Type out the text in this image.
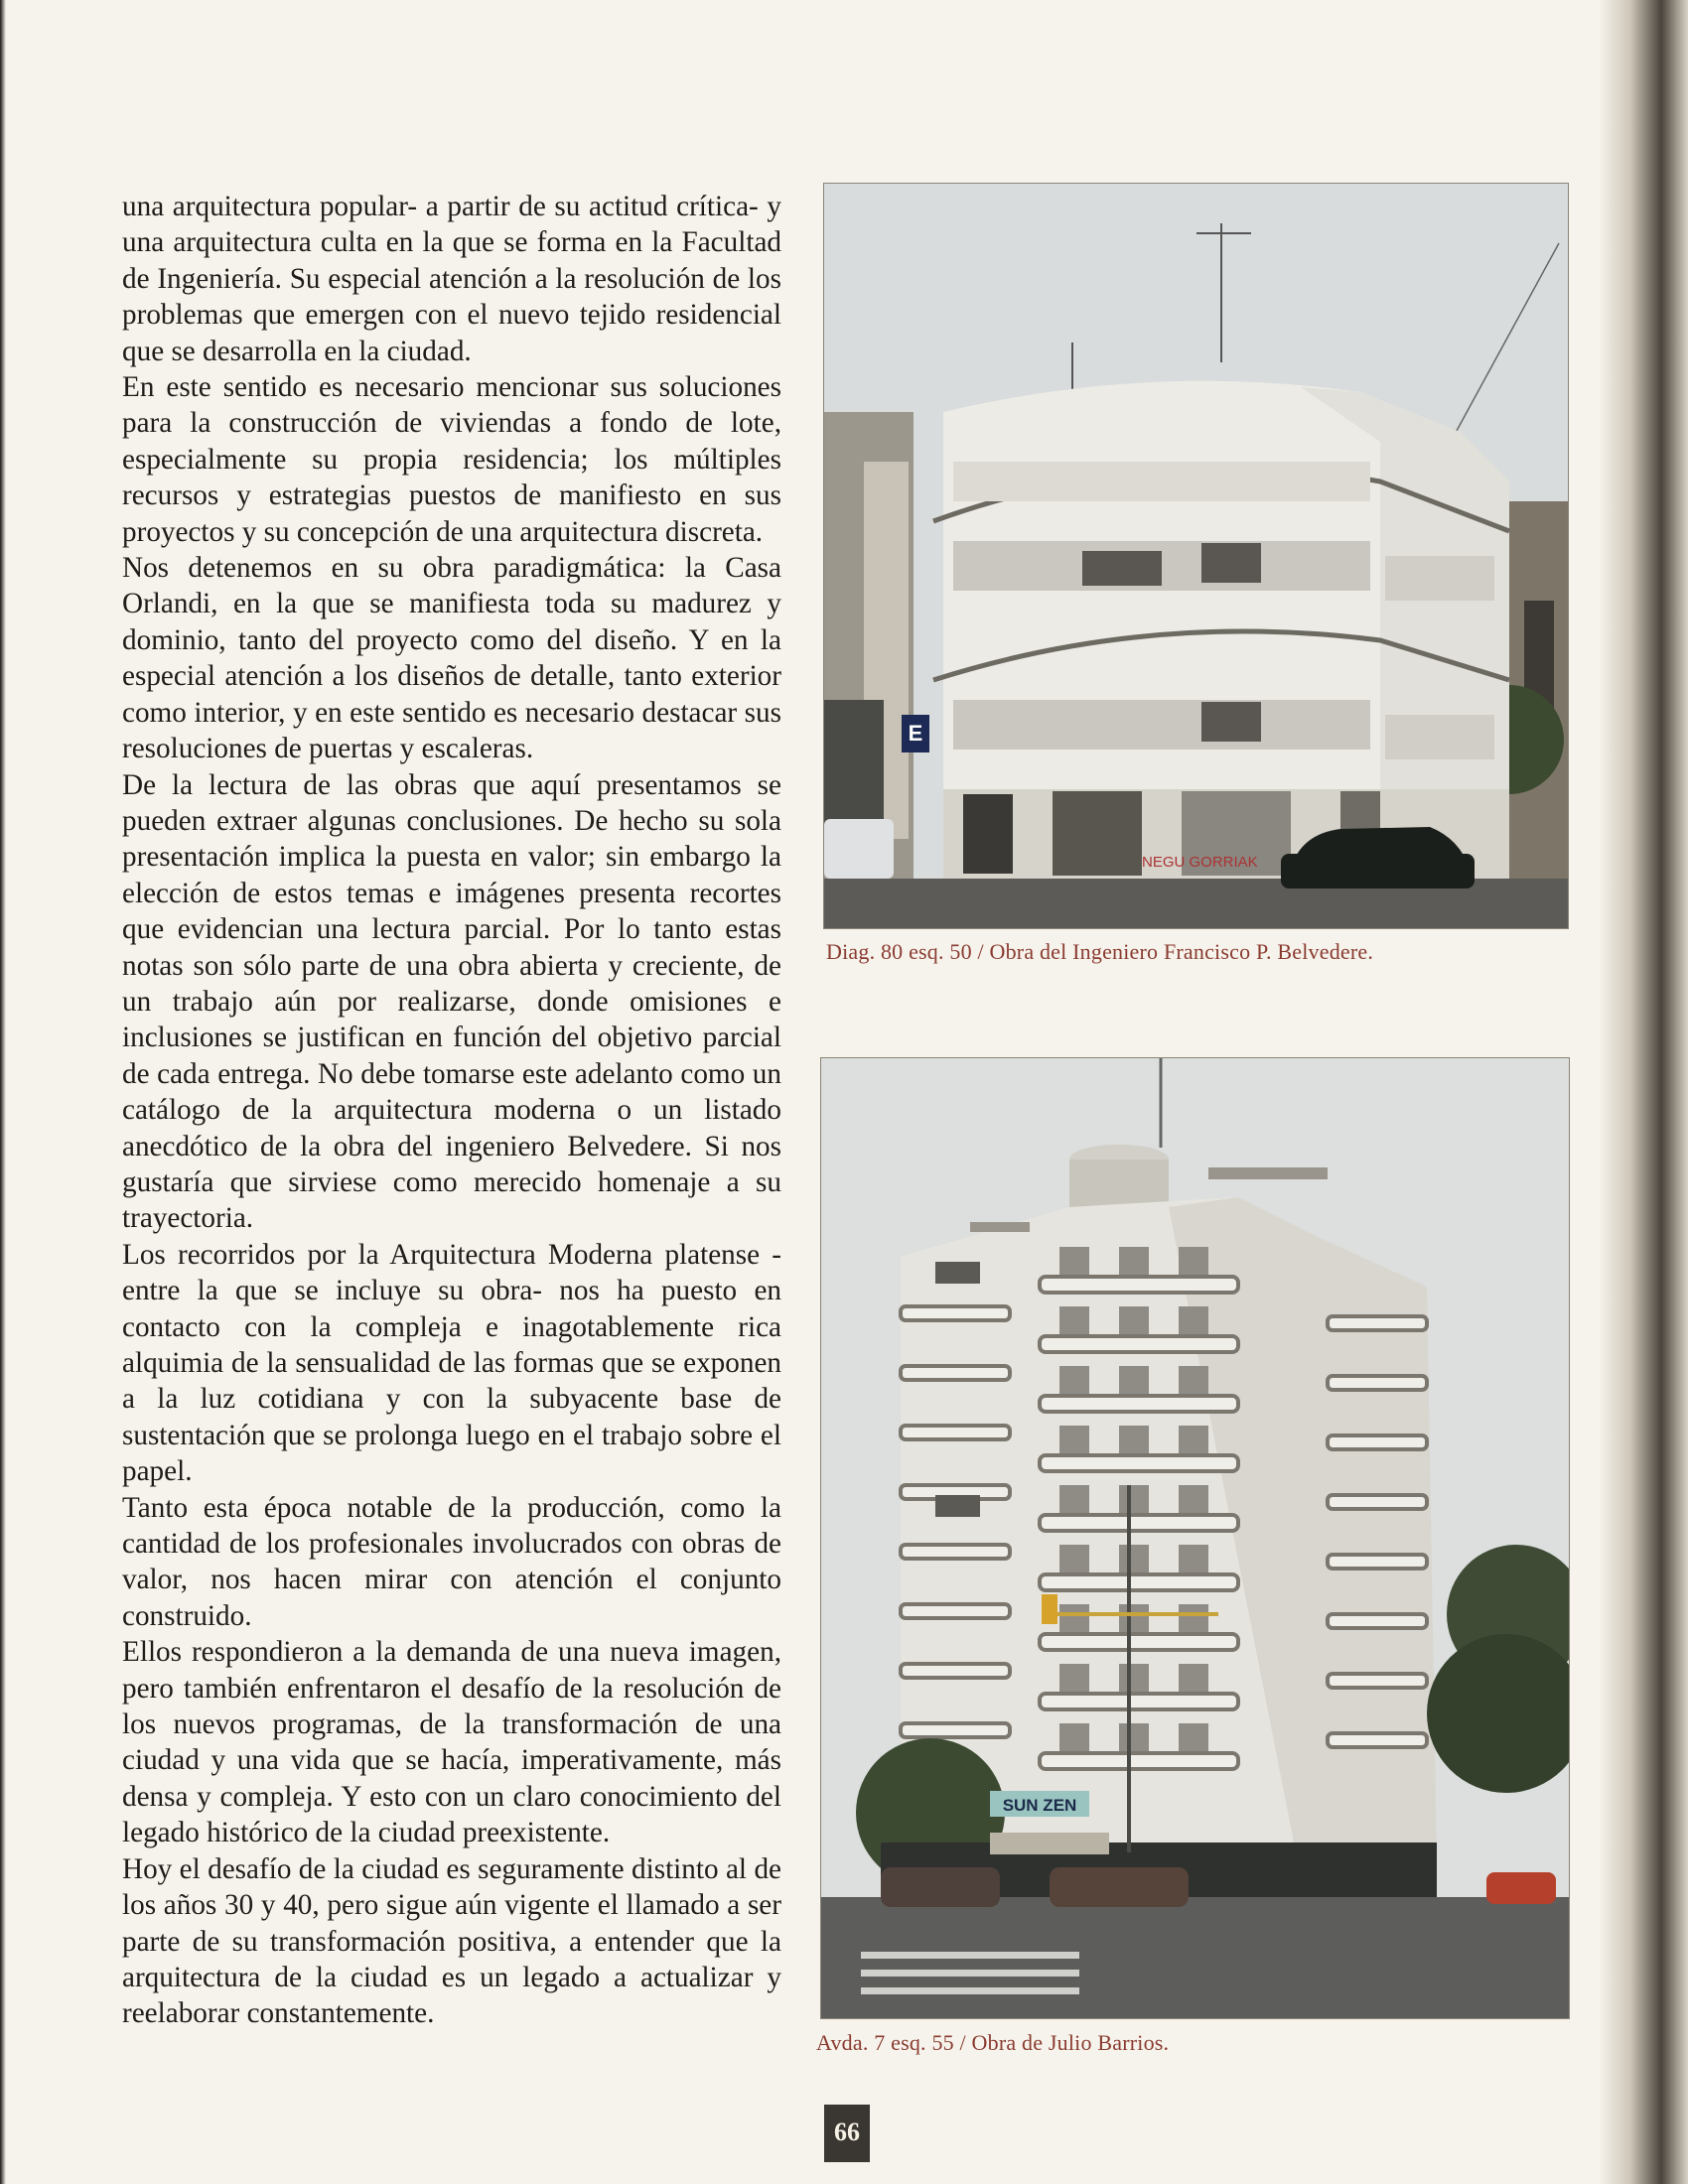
una arquitectura popular- a partir de su actitud crítica- y una arquitectura culta en la que se forma en la Facultad de Ingeniería. Su especial atención a la resolución de los problemas que emergen con el nuevo tejido residencial que se desarrolla en la ciudad.

En este sentido es necesario mencionar sus soluciones para la construcción de viviendas a fondo de lote, especialmente su propia residencia; los múltiples recursos y estrategias puestos de manifiesto en sus proyectos y su concepción de una arquitectura discreta.

Nos detenemos en su obra paradigmática: la Casa Orlandi, en la que se manifiesta toda su madurez y dominio, tanto del proyecto como del diseño. Y en la especial atención a los diseños de detalle, tanto exterior como interior, y en este sentido es necesario destacar sus resoluciones de puertas y escaleras.

De la lectura de las obras que aquí presentamos se pueden extraer algunas conclusiones. De hecho su sola presentación implica la puesta en valor; sin embargo la elección de estos temas e imágenes presenta recortes que evidencian una lectura parcial. Por lo tanto estas notas son sólo parte de una obra abierta y creciente, de un trabajo aún por realizarse, donde omisiones e inclusiones se justifican en función del objetivo parcial de cada entrega. No debe tomarse este adelanto como un catálogo de la arquitectura moderna o un listado anecdótico de la obra del ingeniero Belvedere. Si nos gustaría que sirviese como merecido homenaje a su trayectoria.

Los recorridos por la Arquitectura Moderna platense -entre la que se incluye su obra- nos ha puesto en contacto con la compleja e inagotablemente rica alquimia de la sensualidad de las formas que se exponen a la luz cotidiana y con la subyacente base de sustentación que se prolonga luego en el trabajo sobre el papel.

Tanto esta época notable de la producción, como la cantidad de los profesionales involucrados con obras de valor, nos hacen mirar con atención el conjunto construido.

Ellos respondieron a la demanda de una nueva imagen, pero también enfrentaron el desafío de la resolución de los nuevos programas, de la transformación de una ciudad y una vida que se hacía, imperativamente, más densa y compleja. Y esto con un claro conocimiento del legado histórico de la ciudad preexistente.

Hoy el desafío de la ciudad es seguramente distinto al de los años 30 y 40, pero sigue aún vigente el llamado a ser parte de su transformación positiva, a entender que la arquitectura de la ciudad es un legado a actualizar y reelaborar constantemente.

E
NEGU GORRIAK
Diag. 80 esq. 50 / Obra del Ingeniero Francisco P. Belvedere.
SUN ZEN
Avda. 7 esq. 55 / Obra de Julio Barrios.
66
